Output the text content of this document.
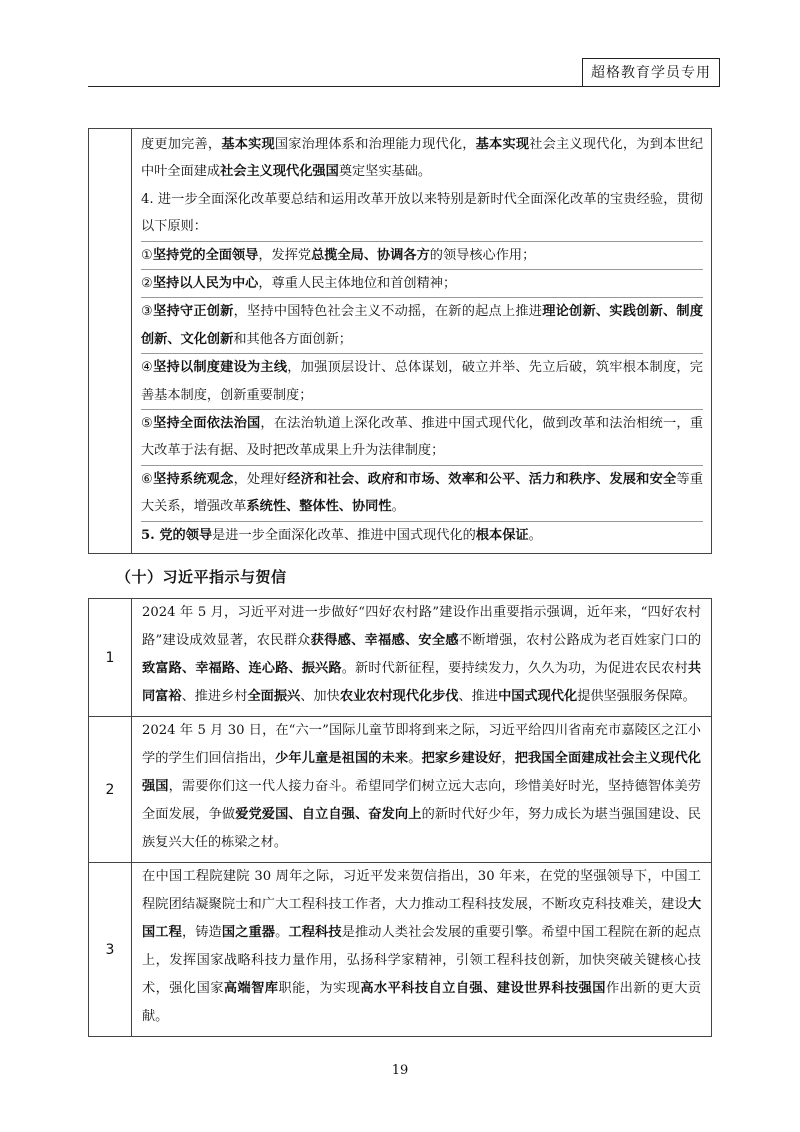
超格教育学员专用

度更加完善，基本实现国家治理体系和治理能力现代化，基本实现社会主义现代化，为到本世纪中叶全面建成社会主义现代化强国奠定坚实基础。
4. 进一步全面深化改革要总结和运用改革开放以来特别是新时代全面深化改革的宝贵经验，贯彻以下原则：
①坚持党的全面领导，发挥党总揽全局、协调各方的领导核心作用；
②坚持以人民为中心，尊重人民主体地位和首创精神；
③坚持守正创新，坚持中国特色社会主义不动摇，在新的起点上推进理论创新、实践创新、制度创新、文化创新和其他各方面创新；
④坚持以制度建设为主线，加强顶层设计、总体谋划，破立并举、先立后破，筑牢根本制度，完善基本制度，创新重要制度；
⑤坚持全面依法治国，在法治轨道上深化改革、推进中国式现代化，做到改革和法治相统一，重大改革于法有据、及时把改革成果上升为法律制度；
⑥坚持系统观念，处理好经济和社会、政府和市场、效率和公平、活力和秩序、发展和安全等重大关系，增强改革系统性、整体性、协同性。
5. 党的领导是进一步全面深化改革、推进中国式现代化的根本保证。
（十）习近平指示与贺信
1	2024 年 5 月，习近平对进一步做好“四好农村路”建设作出重要指示强调，近年来，“四好农村路”建设成效显著，农民群众获得感、幸福感、安全感不断增强，农村公路成为老百姓家门口的致富路、幸福路、连心路、振兴路。新时代新征程，要持续发力，久久为功，为促进农民农村共同富裕、推进乡村全面振兴、加快农业农村现代化步伐、推进中国式现代化提供坚强服务保障。

2	2024 年 5 月 30 日，在“六一”国际儿童节即将到来之际，习近平给四川省南充市嘉陵区之江小学的学生们回信指出，少年儿童是祖国的未来。把家乡建设好，把我国全面建成社会主义现代化强国，需要你们这一代人接力奋斗。希望同学们树立远大志向，珍惜美好时光，坚持德智体美劳全面发展，争做爱党爱国、自立自强、奋发向上的新时代好少年，努力成长为堪当强国建设、民族复兴大任的栋梁之材。

3	在中国工程院建院 30 周年之际，习近平发来贺信指出，30 年来，在党的坚强领导下，中国工程院团结凝聚院士和广大工程科技工作者，大力推动工程科技发展，不断攻克科技难关，建设大国工程，铸造国之重器。工程科技是推动人类社会发展的重要引擎。希望中国工程院在新的起点上，发挥国家战略科技力量作用，弘扬科学家精神，引领工程科技创新，加快突破关键核心技术，强化国家高端智库职能，为实现高水平科技自立自强、建设世界科技强国作出新的更大贡献。
19
